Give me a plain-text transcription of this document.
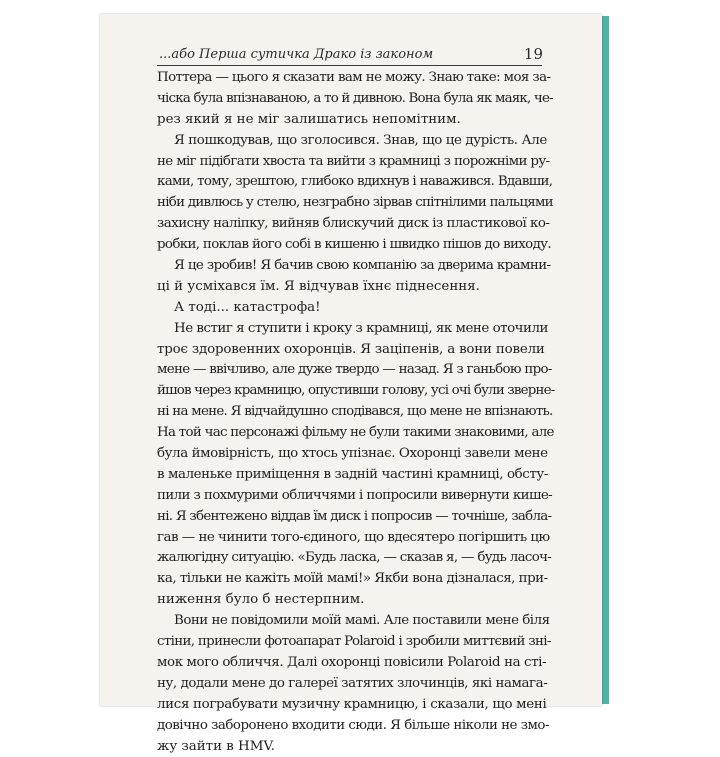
...або Перша сутичка Драко із законом	19
Поттера — цього я сказати вам не можу. Знаю таке: моя за-
чіска була впізнаваною, а то й дивною. Вона була як маяк, че-
рез який я не міг залишатись непомітним.
Я пошкодував, що зголосився. Знав, що це дурість. Але
не міг підібгати хвоста та вийти з крамниці з порожніми ру-
ками, тому, зрештою, глибоко вдихнув і наважився. Вдавши,
ніби дивлюсь у стелю, незграбно зірвав спітнілими пальцями
захисну наліпку, вийняв блискучий диск із пластикової ко-
робки, поклав його собі в кишеню і швидко пішов до виходу.
Я це зробив! Я бачив свою компанію за дверима крамни-
ці й усміхався їм. Я відчував їхнє піднесення.
А тоді... катастрофа!
Не встиг я ступити і кроку з крамниці, як мене оточили
троє здоровенних охоронців. Я заціпенів, а вони повели
мене — ввічливо, але дуже твердо — назад. Я з ганьбою про-
йшов через крамницю, опустивши голову, усі очі були зверне-
ні на мене. Я відчайдушно сподівався, що мене не впізнають.
На той час персонажі фільму не були такими знаковими, але
була ймовірність, що хтось упізнає. Охоронці завели мене
в маленьке приміщення в задній частині крамниці, обсту-
пили з похмурими обличчями і попросили вивернути кише-
ні. Я збентежено віддав їм диск і попросив — точніше, забла-
гав — не чинити того-єдиного, що вдесятеро погіршить цю
жалюгідну ситуацію. «Будь ласка, — сказав я, — будь ласоч-
ка, тільки не кажіть моїй мамі!» Якби вона дізналася, при-
ниження було б нестерпним.
Вони не повідомили моїй мамі. Але поставили мене біля
стіни, принесли фотоапарат Polaroid і зробили миттєвий зні-
мок мого обличчя. Далі охоронці повісили Polaroid на сті-
ну, додали мене до галереї затятих злочинців, які намага-
лися пограбувати музичну крамницю, і сказали, що мені
довічно заборонено входити сюди. Я більше ніколи не змо-
жу зайти в HMV.
